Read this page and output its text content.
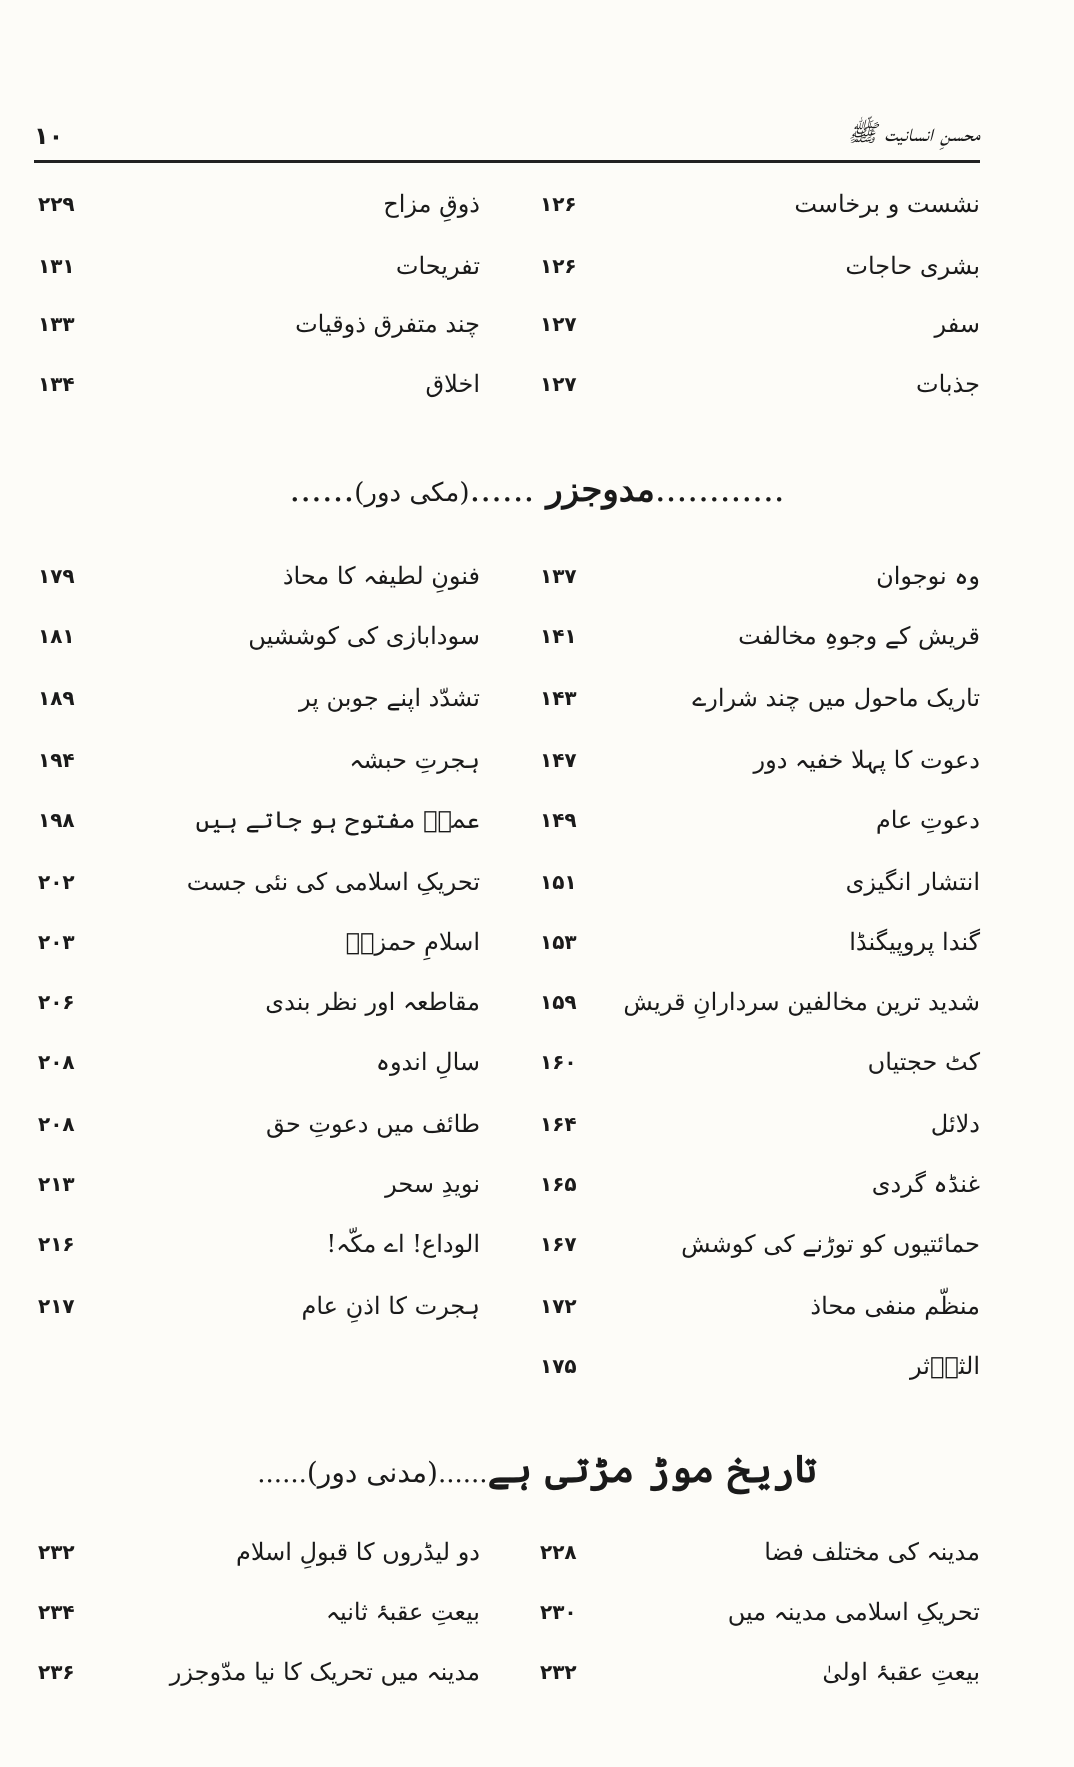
۱۰	محسنِ انسانیت ﷺ
نشست و برخاست
۱۲۶
ذوقِ مزاح
۲۲۹
بشری حاجات
۱۲۶
تفریحات
۱۳۱
سفر
۱۲۷
چند متفرق ذوقیات
۱۳۳
جذبات
۱۲۷
اخلاق
۱۳۴
............مدوجزر ......(مکی دور)......
وہ نوجوان
۱۳۷
فنونِ لطیفہ کا محاذ
۱۷۹
قریش کے وجوہِ مخالفت
۱۴۱
سودابازی کی کوششیں
۱۸۱
تاریک ماحول میں چند شرارے
۱۴۳
تشدّد اپنے جوبن پر
۱۸۹
دعوت کا پہلا خفیہ دور
۱۴۷
ہجرتِ حبشہ
۱۹۴
دعوتِ عام
۱۴۹
عمرؓ مفتوح ہو جاتے ہیں
۱۹۸
انتشار انگیزی
۱۵۱
تحریکِ اسلامی کی نئی جست
۲۰۲
گندا پروپیگنڈا
۱۵۳
اسلامِ حمزہؓ
۲۰۳
شدید ترین مخالفین سردارانِ قریش
۱۵۹
مقاطعہ اور نظر بندی
۲۰۶
کٹ حجتیاں
۱۶۰
سالِ اندوہ
۲۰۸
دلائل
۱۶۴
طائف میں دعوتِ حق
۲۰۸
غنڈہ گردی
۱۶۵
نویدِ سحر
۲۱۳
حمائتیوں کو توڑنے کی کوشش
۱۶۷
الوداع! اے مکّہ!
۲۱۶
منظّم منفی محاذ
۱۷۲
ہجرت کا اذنِ عام
۲۱۷
الثاۤثر
۱۷۵
تاریخ موڑ مڑتی ہے......(مدنی دور)......
مدینہ کی مختلف فضا
۲۲۸
دو لیڈروں کا قبولِ اسلام
۲۳۲
تحریکِ اسلامی مدینہ میں
۲۳۰
بیعتِ عقبۂ ثانیہ
۲۳۴
بیعتِ عقبۂ اولیٰ
۲۳۲
مدینہ میں تحریک کا نیا مدّوجزر
۲۳۶
